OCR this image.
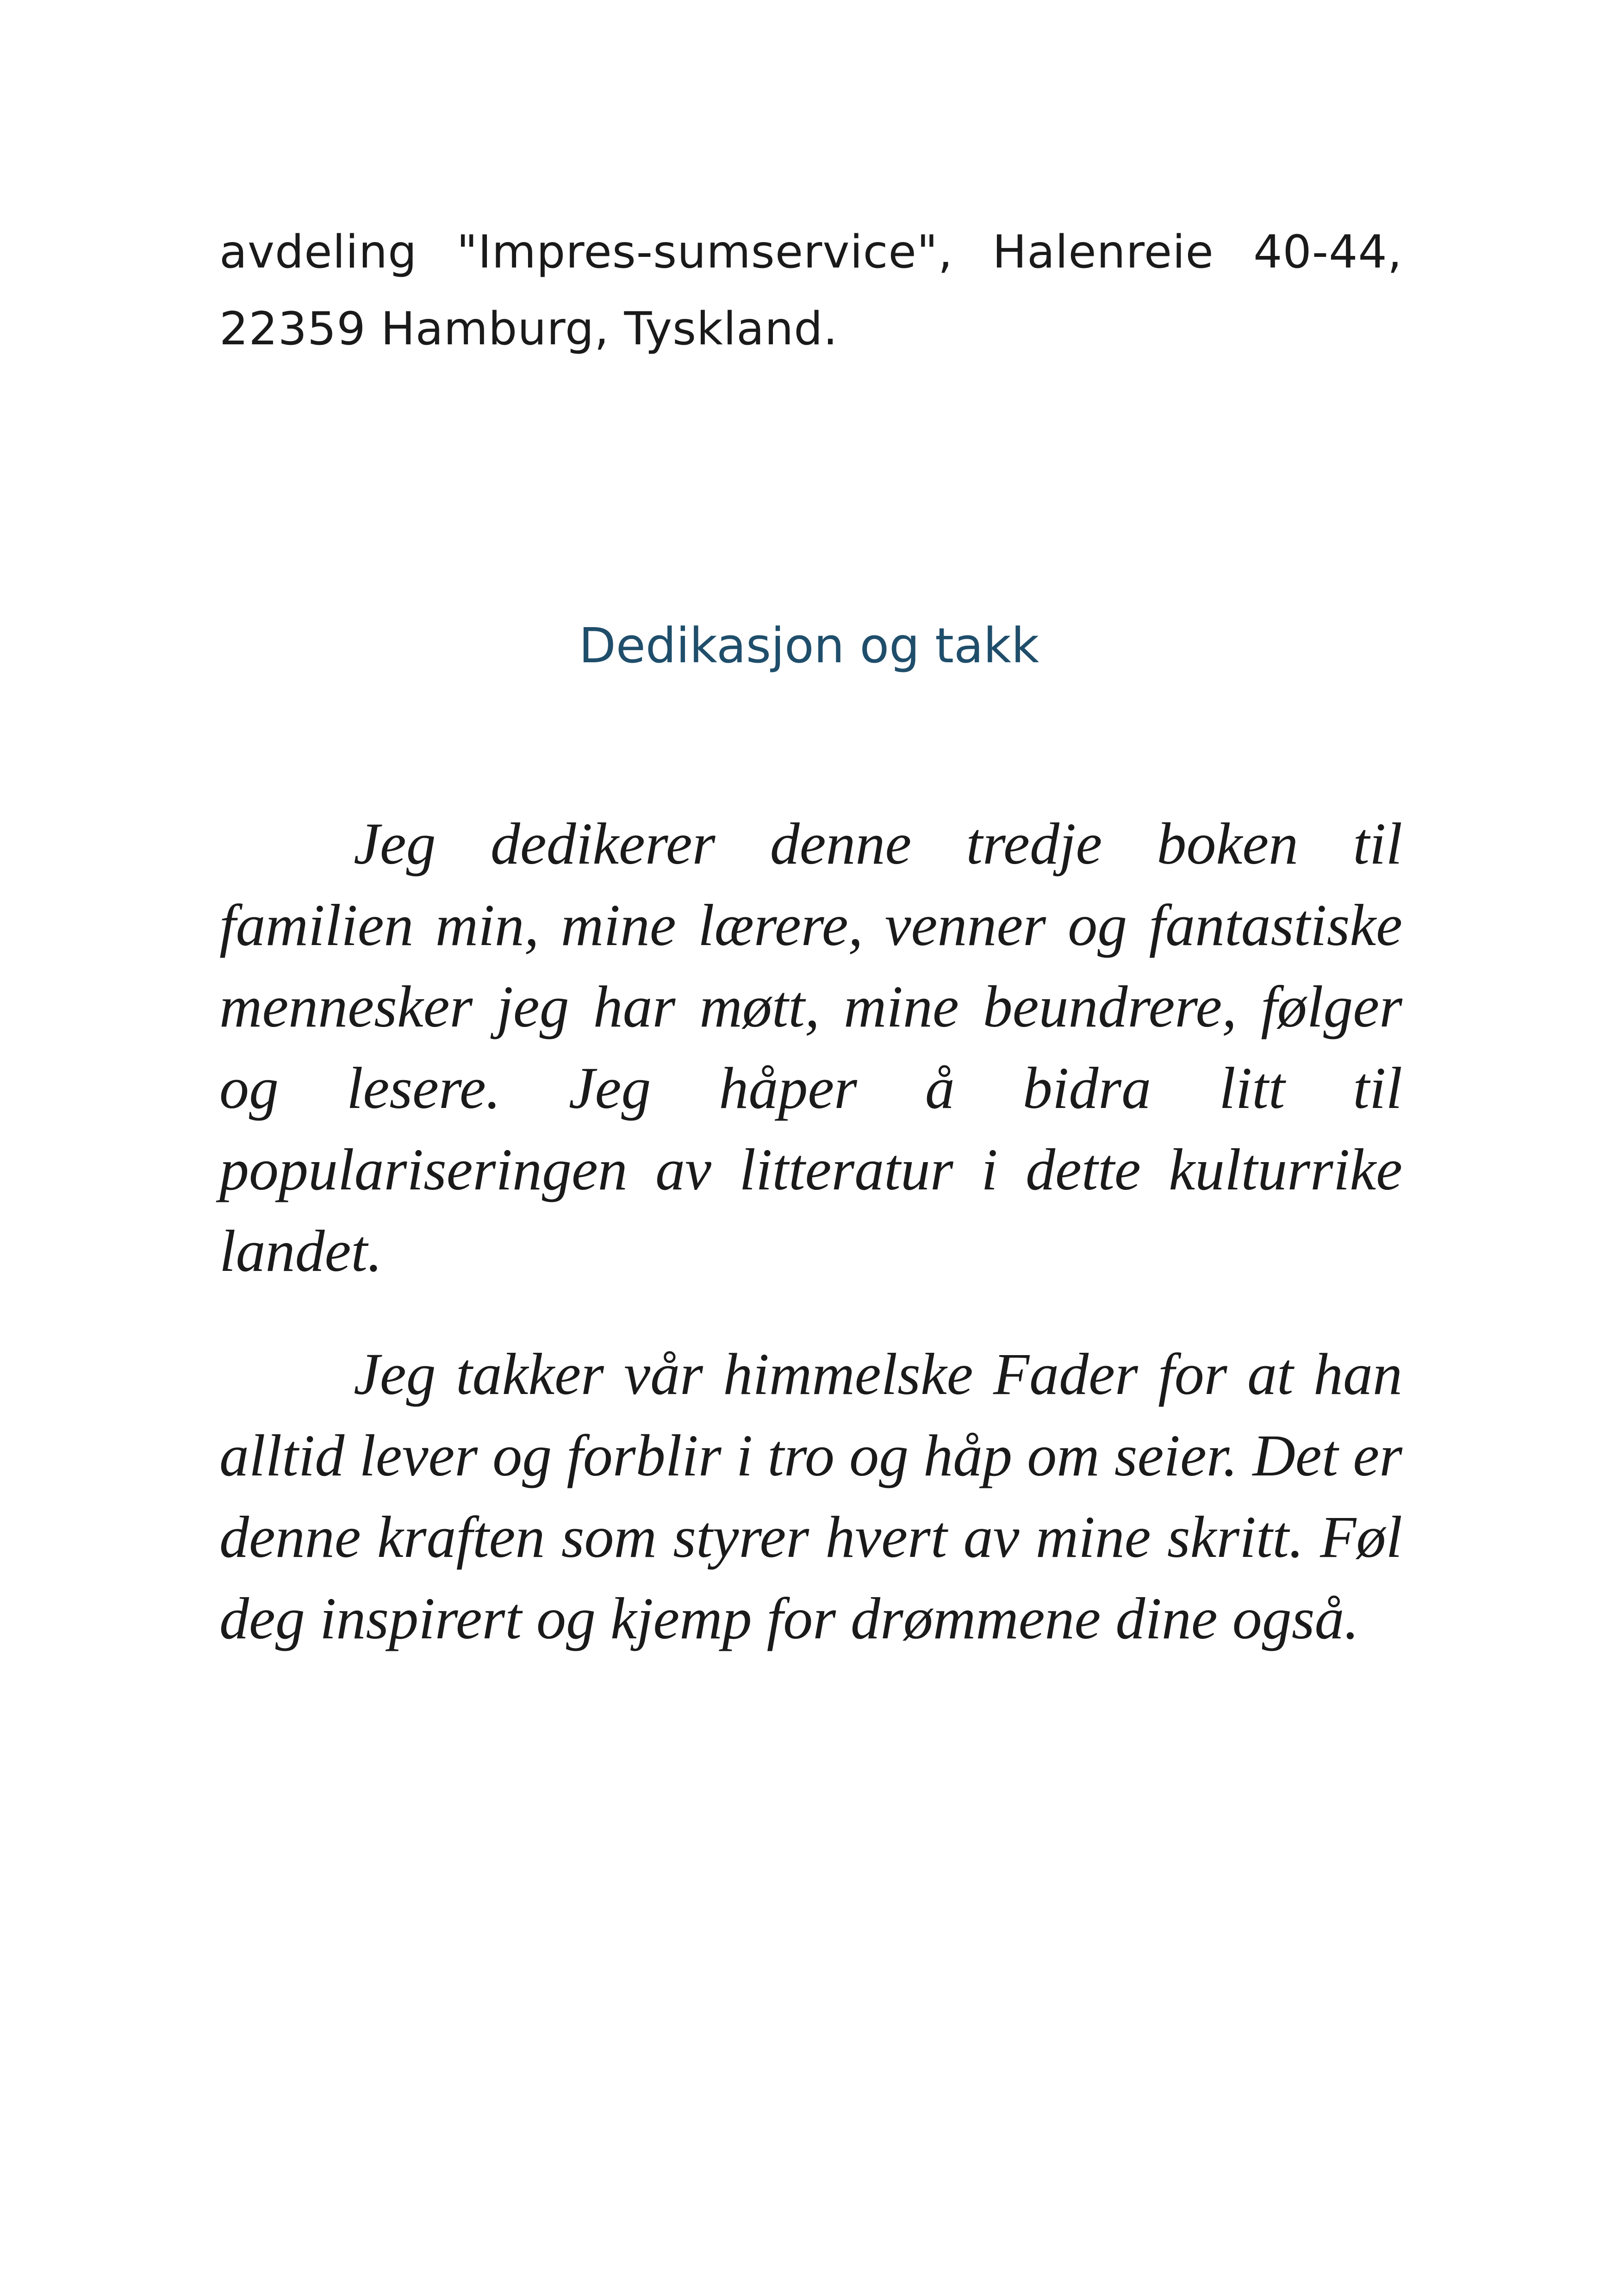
avdeling "Impres-sumservice", Halenreie 40-44, 22359 Hamburg, Tyskland.
Dedikasjon og takk

Jeg dedikerer denne tredje boken til familien min, mine lærere, venner og fantastiske mennesker jeg har møtt, mine beundrere, følger og lesere. Jeg håper å bidra litt til populariseringen av litteratur i dette kulturrike landet.

Jeg takker vår himmelske Fader for at han alltid lever og forblir i tro og håp om seier. Det er denne kraften som styrer hvert av mine skritt. Føl deg inspirert og kjemp for drømmene dine også.
